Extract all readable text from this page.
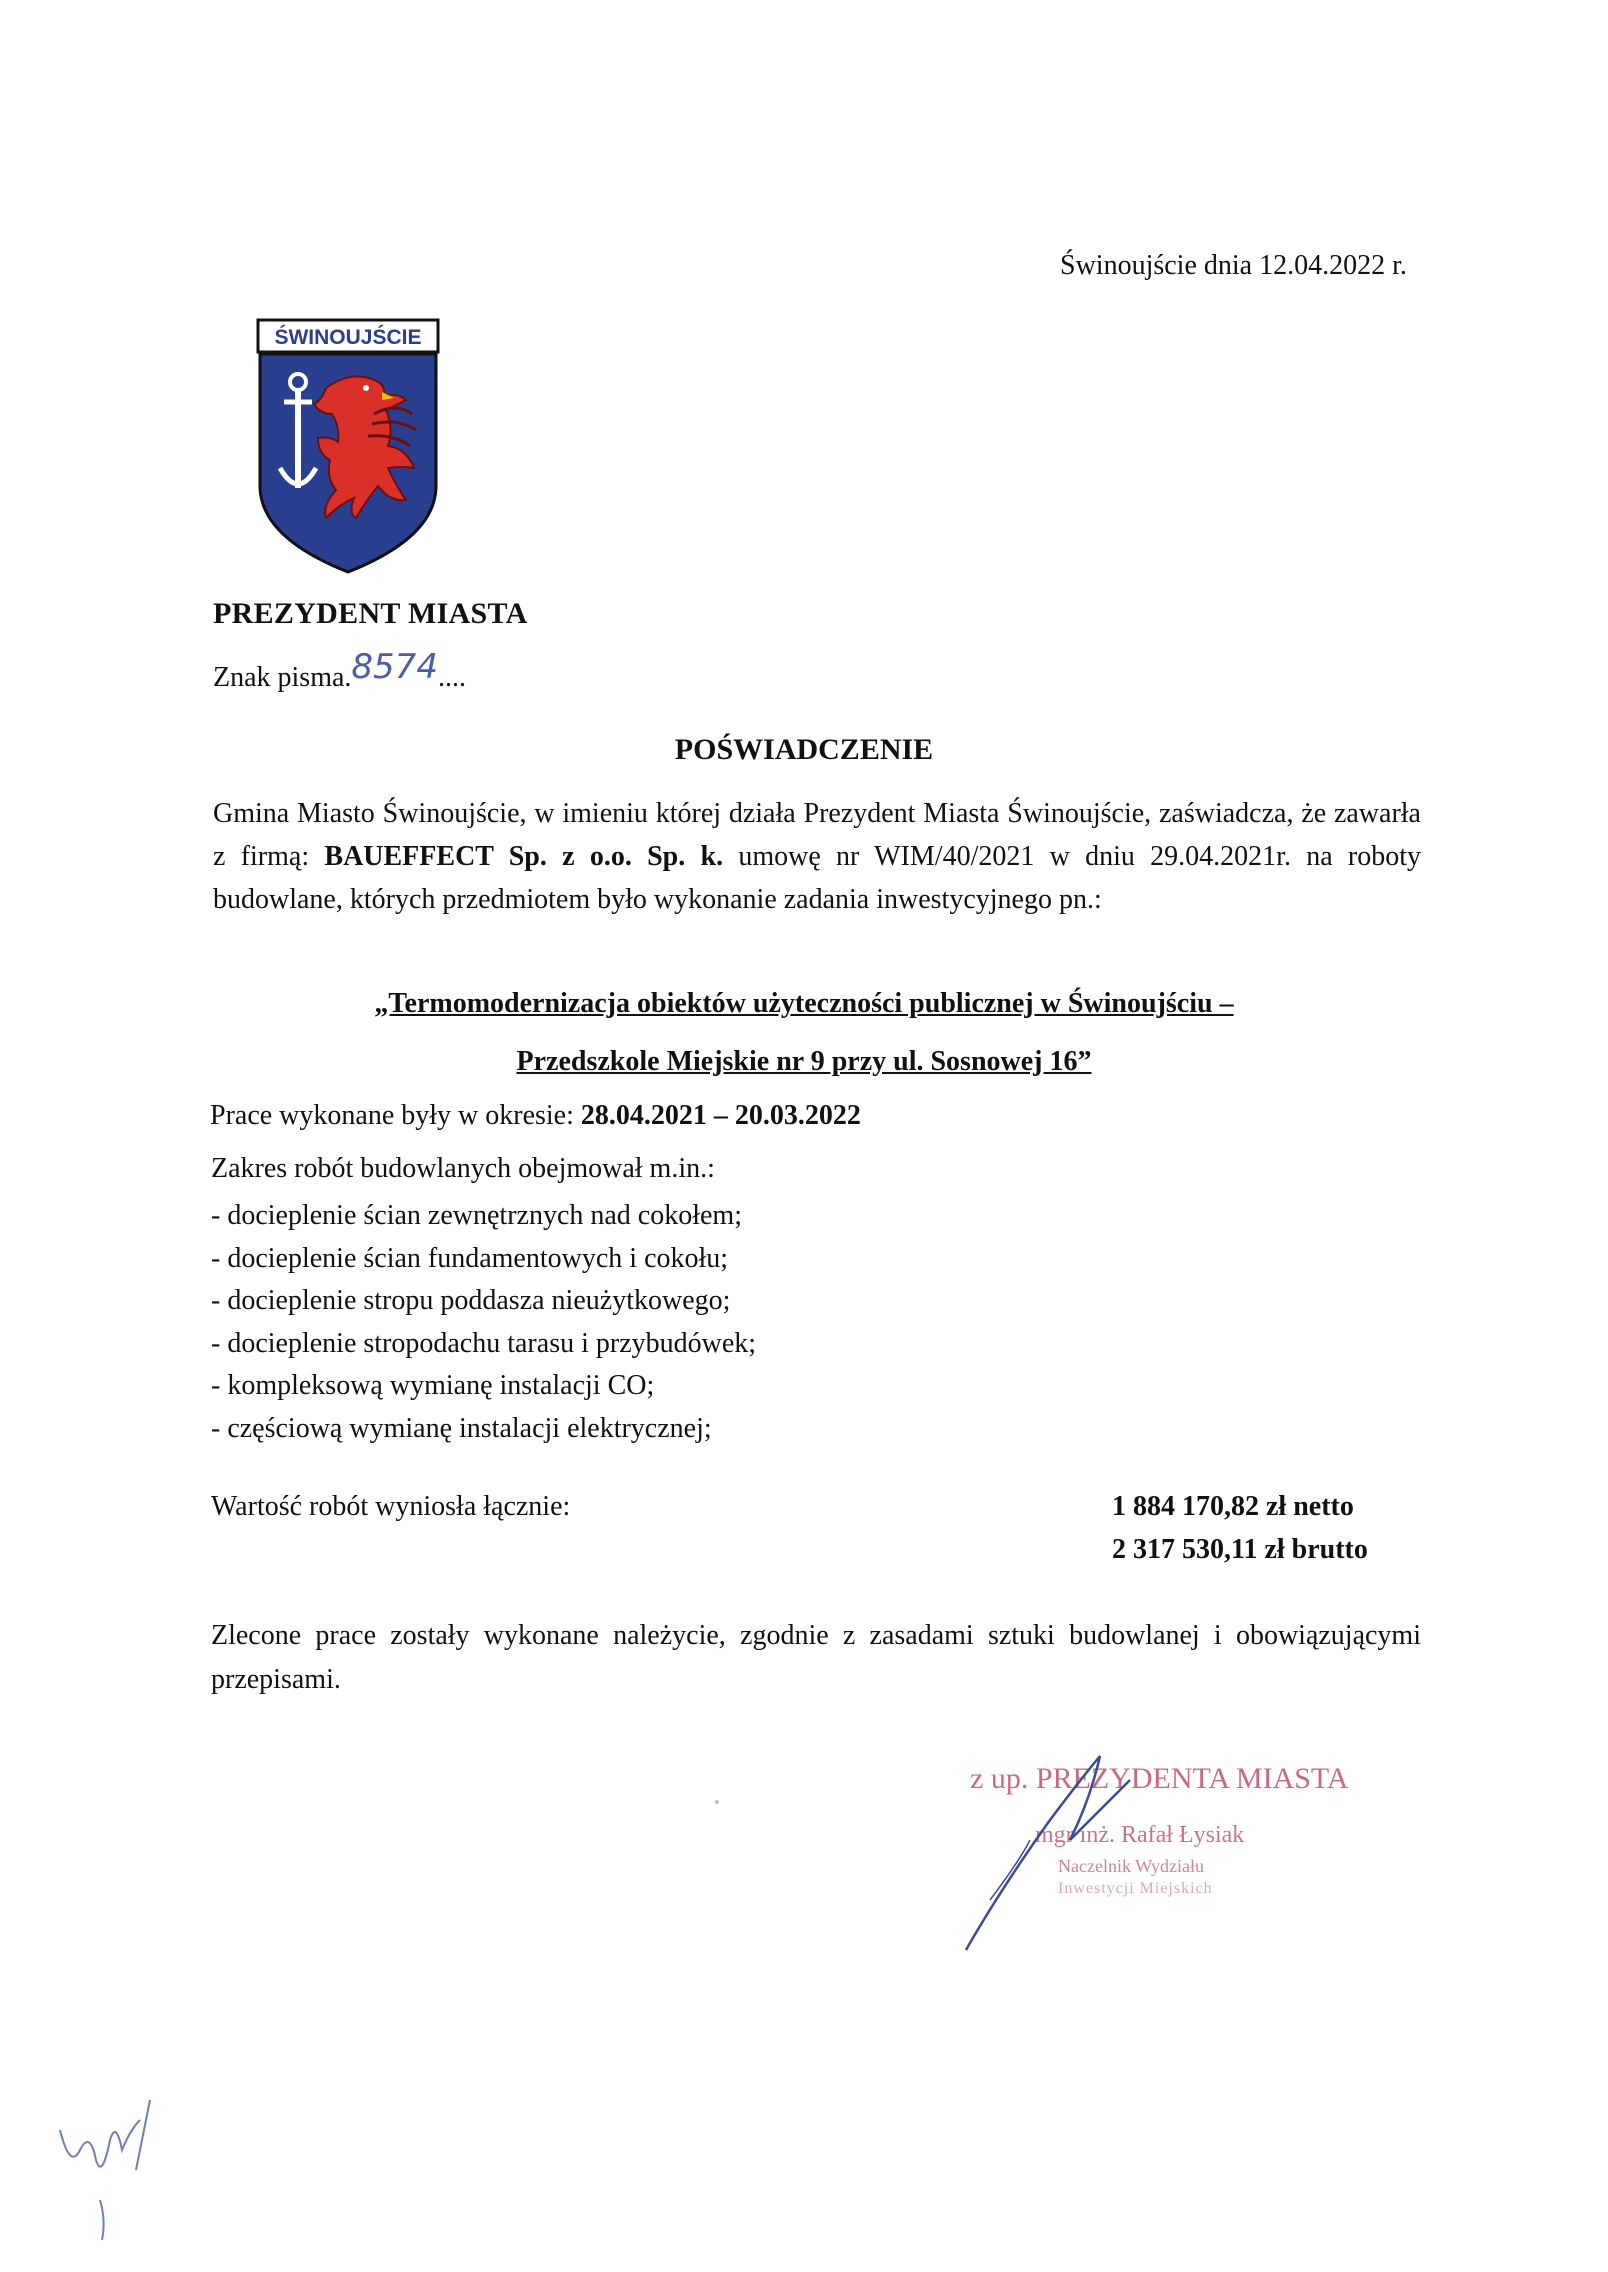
Świnoujście dnia 12.04.2022 r.
ŚWINOUJŚCIE
PREZYDENT MIASTA
Znak pisma.8574....
POŚWIADCZENIE
Gmina Miasto Świnoujście, w imieniu której działa Prezydent Miasta Świnoujście, zaświadcza, że zawarła z firmą: BAUEFFECT Sp. z o.o. Sp. k. umowę nr WIM/40/2021 w dniu 29.04.2021r. na roboty budowlane, których przedmiotem było wykonanie zadania inwestycyjnego pn.:
„Termomodernizacja obiektów użyteczności publicznej w Świnoujściu –
Przedszkole Miejskie nr 9 przy ul. Sosnowej 16”
Prace wykonane były w okresie: 28.04.2021 – 20.03.2022
Zakres robót budowlanych obejmował m.in.:
- docieplenie ścian zewnętrznych nad cokołem;
- docieplenie ścian fundamentowych i cokołu;
- docieplenie stropu poddasza nieużytkowego;
- docieplenie stropodachu tarasu i przybudówek;
- kompleksową wymianę instalacji CO;
- częściową wymianę instalacji elektrycznej;
Wartość robót wyniosła łącznie:	1 884 170,82 zł netto
2 317 530,11 zł brutto
Zlecone prace zostały wykonane należycie, zgodnie z zasadami sztuki budowlanej i obowiązującymi przepisami.
z up. PREZYDENTA MIASTA
mgr inż. Rafał Łysiak
Naczelnik Wydziału
Inwestycji Miejskich
